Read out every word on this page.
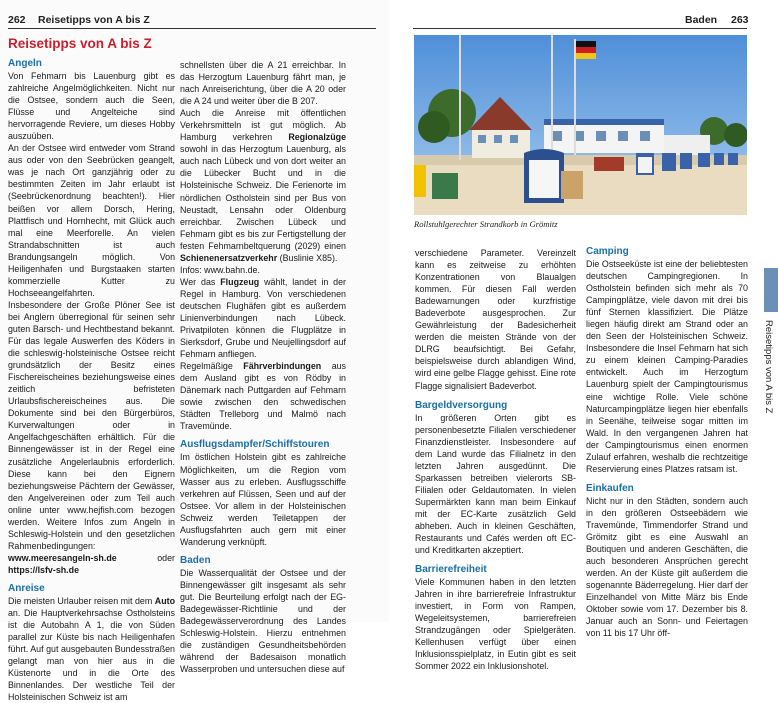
262 Reisetipps von A bis Z
Reisetipps von A bis Z

Angeln

Von Fehmarn bis Lauenburg gibt es zahlreiche Angelmöglichkeiten. Nicht nur die Ostsee, sondern auch die Seen, Flüsse und Angelteiche sind hervorragende Reviere, um dieses Hobby auszuüben.

An der Ostsee wird entweder vom Strand aus oder von den Seebrücken geangelt, was je nach Ort ganzjährig oder zu bestimmten Zeiten im Jahr erlaubt ist (Seebrückenordnung beachten!). Hier beißen vor allem Dorsch, Hering, Plattfisch und Hornhecht, mit Glück auch mal eine Meerforelle. An vielen Strandabschnitten ist auch Brandungsangeln möglich. Von Heiligenhafen und Burgstaaken starten kommerzielle Kutter zu Hochseeangelfahrten.

Insbesondere der Große Plöner See ist bei Anglern überregional für seinen sehr guten Barsch- und Hechtbestand bekannt. Für das legale Auswerfen des Köders in die schleswig-holsteinische Ostsee reicht grundsätzlich der Besitz eines Fischereischeines beziehungsweise eines zeitlich befristeten Urlaubsfischereischeines aus. Die Dokumente sind bei den Bürgerbüros, Kurverwaltungen oder in Angelfachgeschäften erhältlich. Für die Binnengewässer ist in der Regel eine zusätzliche Angelerlaubnis erforderlich. Diese kann bei den Eignern beziehungsweise Pächtern der Gewässer, den Angelvereinen oder zum Teil auch online unter www.hejfish.com bezogen werden. Weitere Infos zum Angeln in Schleswig-Holstein und den gesetzlichen Rahmenbedingungen: www.meeresangeln-sh.de	oder https://lsfv-sh.de

Anreise

Die meisten Urlauber reisen mit dem Auto an. Die Hauptverkehrsachse Ostholsteins ist die Autobahn A 1, die von Süden parallel zur Küste bis nach Heiligenhafen führt. Auf gut ausgebauten Bundesstraßen gelangt man von hier aus in die Küstenorte und in die Orte des Binnenlandes. Der westliche Teil der Holsteinischen Schweiz ist am

schnellsten über die A 21 erreichbar. In das Herzogtum Lauenburg fährt man, je nach Anreiserichtung, über die A 20 oder die A 24 und weiter über die B 207.

Auch die Anreise mit öffentlichen Verkehrsmitteln ist gut möglich. Ab Hamburg verkehren Regionalzüge sowohl in das Herzogtum Lauenburg, als auch nach Lübeck und von dort weiter an die Lübecker Bucht und in die Holsteinische Schweiz. Die Ferienorte im nördlichen Ostholstein sind per Bus von Neustadt, Lensahn oder Oldenburg erreichbar. Zwischen Lübeck und Fehmarn gibt es bis zur Fertigstellung der festen Fehmarnbeltquerung (2029) einen Schienenersatzverkehr (Buslinie X85).

Infos: www.bahn.de.

Wer das Flugzeug wählt, landet in der Regel in Hamburg. Von verschiedenen deutschen Flughäfen gibt es außerdem Linienverbindungen nach Lübeck. Privatpiloten können die Flugplätze in Sierksdorf, Grube und Neujellingsdorf auf Fehmarn anfliegen.

Regelmäßige Fährverbindungen aus dem Ausland gibt es von Rödby in Dänemark nach Puttgarden auf Fehmarn sowie zwischen den schwedischen Städten Trelleborg und Malmö nach Travemünde.

Ausflugsdampfer/Schiffstouren

Im östlichen Holstein gibt es zahlreiche Möglichkeiten, um die Region vom Wasser aus zu erleben. Ausflugsschiffe verkehren auf Flüssen, Seen und auf der Ostsee. Vor allem in der Holsteinischen Schweiz werden Teiletappen der Ausflugsfahrten auch gern mit einer Wanderung verknüpft.

Baden

Die Wasserqualität der Ostsee und der Binnengewässer gilt insgesamt als sehr gut. Die Beurteilung erfolgt nach der EG-Badegewässer-Richtlinie und der Badegewässerverordnung des Landes Schleswig-Holstein. Hierzu entnehmen die zuständigen Gesundheitsbehörden während der Badesaison monatlich Wasserproben und untersuchen diese auf

Baden 263
Rollstuhlgerechter Strandkorb in Grömitz

verschiedene Parameter. Vereinzelt kann es zeitweise zu erhöhten Konzentrationen von Blaualgen kommen. Für diesen Fall werden Badewarnungen oder kurzfristige Badeverbote ausgesprochen. Zur Gewährleistung der Badesicherheit werden die meisten Strände von der DLRG beaufsichtigt. Bei Gefahr, beispielsweise durch ablandigen Wind, wird eine gelbe Flagge gehisst. Eine rote Flagge signalisiert Badeverbot.

Bargeldversorgung

In größeren Orten gibt es personenbesetzte Filialen verschiedener Finanzdienstleister. Insbesondere auf dem Land wurde das Filialnetz in den letzten Jahren ausgedünnt. Die Sparkassen betreiben vielerorts SB-Filialen oder Geldautomaten. In vielen Supermärkten kann man beim Einkauf mit der EC-Karte zusätzlich Geld abheben. Auch in kleinen Geschäften, Restaurants und Cafés werden oft EC- und Kreditkarten akzeptiert.

Barrierefreiheit

Viele Kommunen haben in den letzten Jahren in ihre barrierefreie Infrastruktur investiert, in Form von Rampen, Wegeleitsystemen, barrierefreien Strandzugängen oder Spielgeräten. Kellenhusen verfügt über einen Inklusionsspielplatz, in Eutin gibt es seit Sommer 2022 ein Inklusionshotel.

Camping

Die Ostseeküste ist eine der beliebtesten deutschen Campingregionen. In Ostholstein befinden sich mehr als 70 Campingplätze, viele davon mit drei bis fünf Sternen klassifiziert. Die Plätze liegen häufig direkt am Strand oder an den Seen der Holsteinischen Schweiz. Insbesondere die Insel Fehmarn hat sich zu einem kleinen Camping-Paradies entwickelt. Auch im Herzogtum Lauenburg spielt der Campingtourismus eine wichtige Rolle. Viele schöne Naturcampingplätze liegen hier ebenfalls in Seenähe, teilweise sogar mitten im Wald. In den vergangenen Jahren hat der Campingtourismus einen enormen Zulauf erfahren, weshalb die rechtzeitige Reservierung eines Platzes ratsam ist.

Einkaufen

Nicht nur in den Städten, sondern auch in den größeren Ostseebädern wie Travemünde, Timmendorfer Strand und Grömitz gibt es eine Auswahl an Boutiquen und anderen Geschäften, die auch besonderen Ansprüchen gerecht werden. An der Küste gilt außerdem die sogenannte Bäderregelung. Hier darf der Einzelhandel von Mitte März bis Ende Oktober sowie vom 17. Dezember bis 8. Januar auch an Sonn- und Feiertagen von 11 bis 17 Uhr öff-

Reisetipps von A bis Z
